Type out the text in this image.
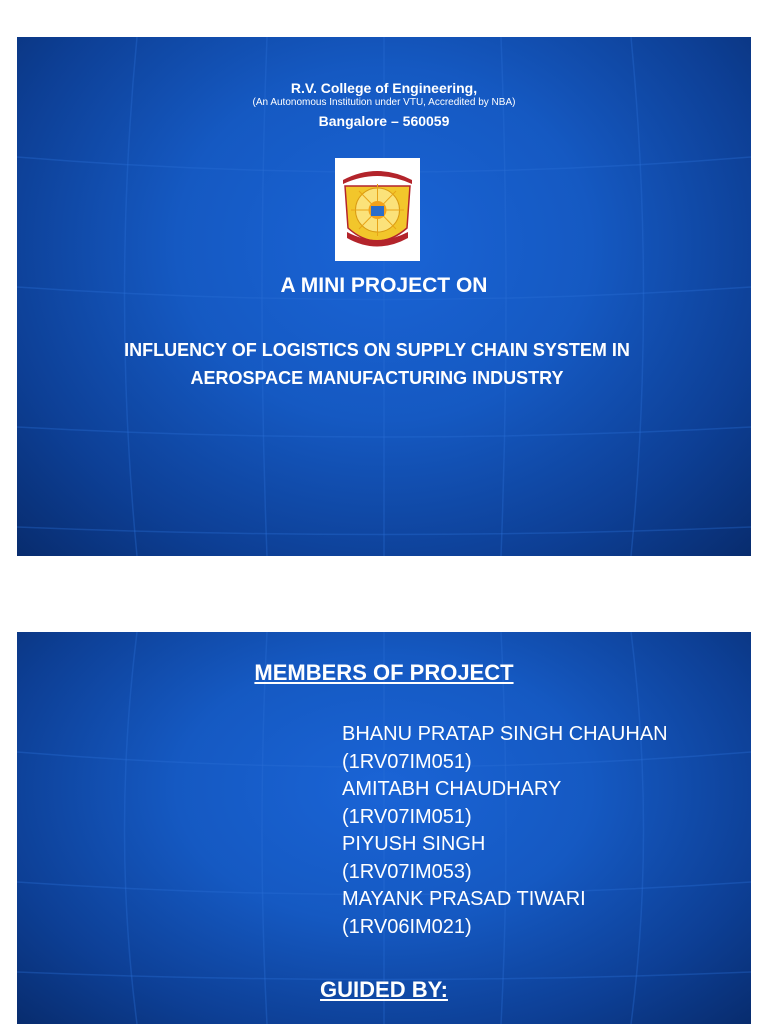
R.V. College of Engineering,
(An Autonomous Institution under VTU, Accredited by NBA)
Bangalore – 560059
A MINI PROJECT ON
INFLUENCY OF LOGISTICS ON SUPPLY CHAIN SYSTEM IN AEROSPACE MANUFACTURING INDUSTRY
MEMBERS OF PROJECT
BHANU PRATAP SINGH CHAUHAN
(1RV07IM051)
AMITABH CHAUDHARY
(1RV07IM051)
PIYUSH SINGH
(1RV07IM053)
MAYANK PRASAD TIWARI
(1RV06IM021)
GUIDED BY:
